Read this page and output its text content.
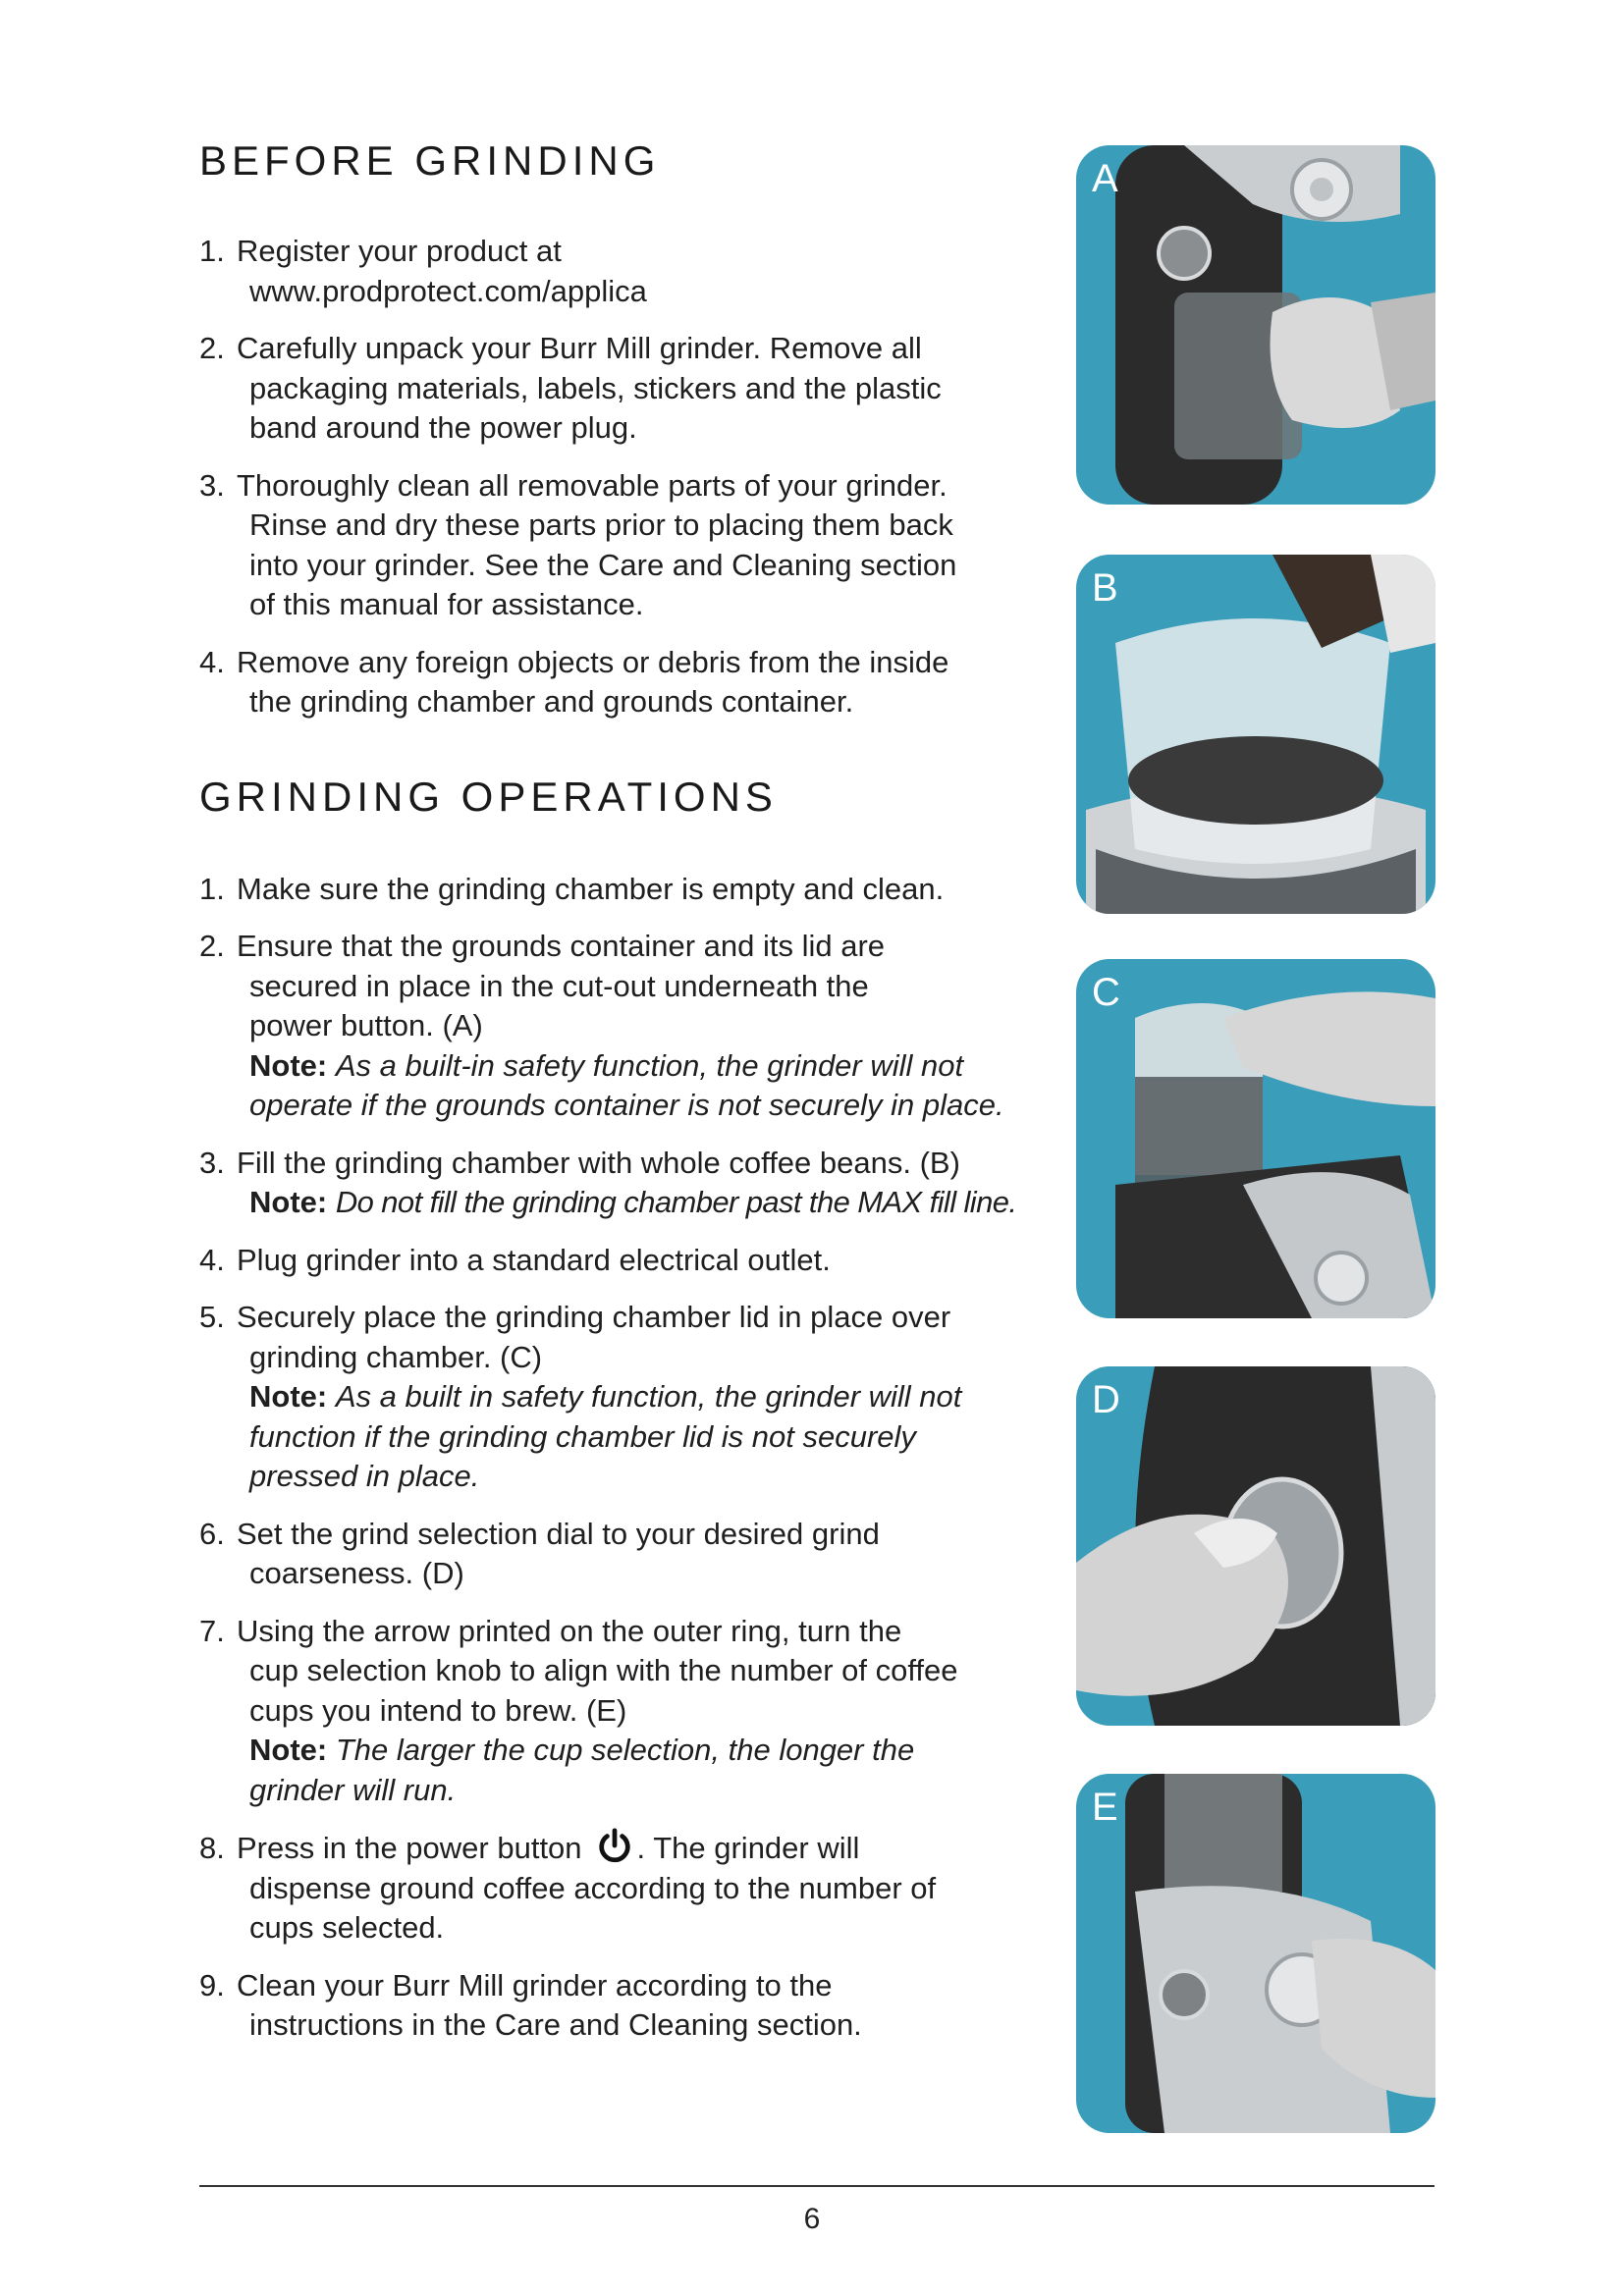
BEFORE GRINDING
1. Register your product at
www.prodprotect.com/applica
2. Carefully unpack your Burr Mill grinder. Remove all
packaging materials, labels, stickers and the plastic
band around the power plug.
3. Thoroughly clean all removable parts of your grinder.
Rinse and dry these parts prior to placing them back
into your grinder. See the Care and Cleaning section
of this manual for assistance.
4. Remove any foreign objects or debris from the inside
the grinding chamber and grounds container.
GRINDING OPERATIONS
1. Make sure the grinding chamber is empty and clean.
2. Ensure that the grounds container and its lid are
secured in place in the cut-out underneath the
power button. (A)
Note: As a built-in safety function, the grinder will not
operate if the grounds container is not securely in place.
3. Fill the grinding chamber with whole coffee beans. (B)
Note: Do not fill the grinding chamber past the MAX fill line.
4. Plug grinder into a standard electrical outlet.
5. Securely place the grinding chamber lid in place over
grinding chamber. (C)
Note: As a built in safety function, the grinder will not
function if the grinding chamber lid is not securely
pressed in place.
6. Set the grind selection dial to your desired grind
coarseness. (D)
7. Using the arrow printed on the outer ring, turn the
cup selection knob to align with the number of coffee
cups you intend to brew. (E)
Note: The larger the cup selection, the longer the
grinder will run.
8. Press in the power button . The grinder will
dispense ground coffee according to the number of
cups selected.
9. Clean your Burr Mill grinder according to the
instructions in the Care and Cleaning section.
A
B
C
D
E
6
